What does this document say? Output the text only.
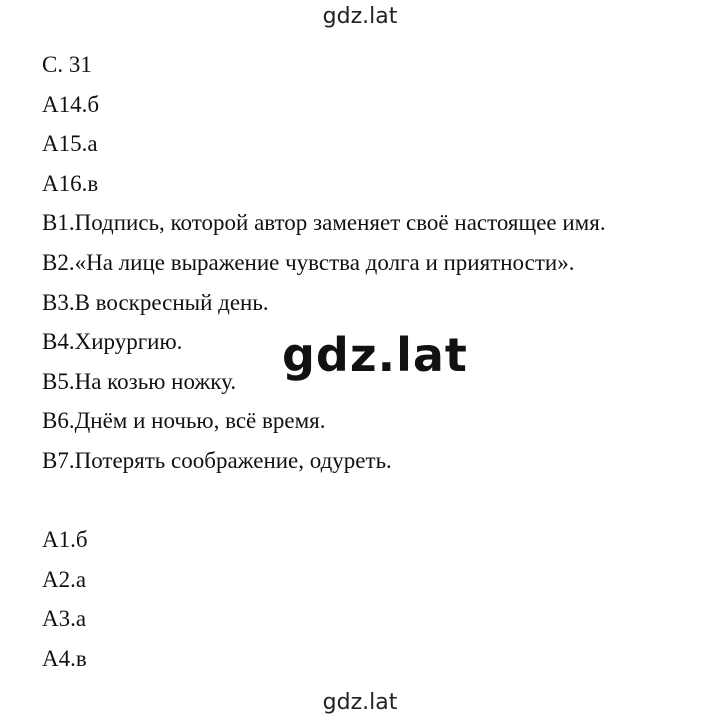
gdz.lat
С. 31
А14.б
А15.а
А16.в
В1.Подпись, которой автор заменяет своё настоящее имя.
В2.«На лице выражение чувства долга и приятности».
В3.В воскресный день.
В4.Хирургию.
В5.На козью ножку.
В6.Днём и ночью, всё время.
В7.Потерять соображение, одуреть.
А1.б
А2.а
А3.а
А4.в
gdz.lat
gdz.lat
